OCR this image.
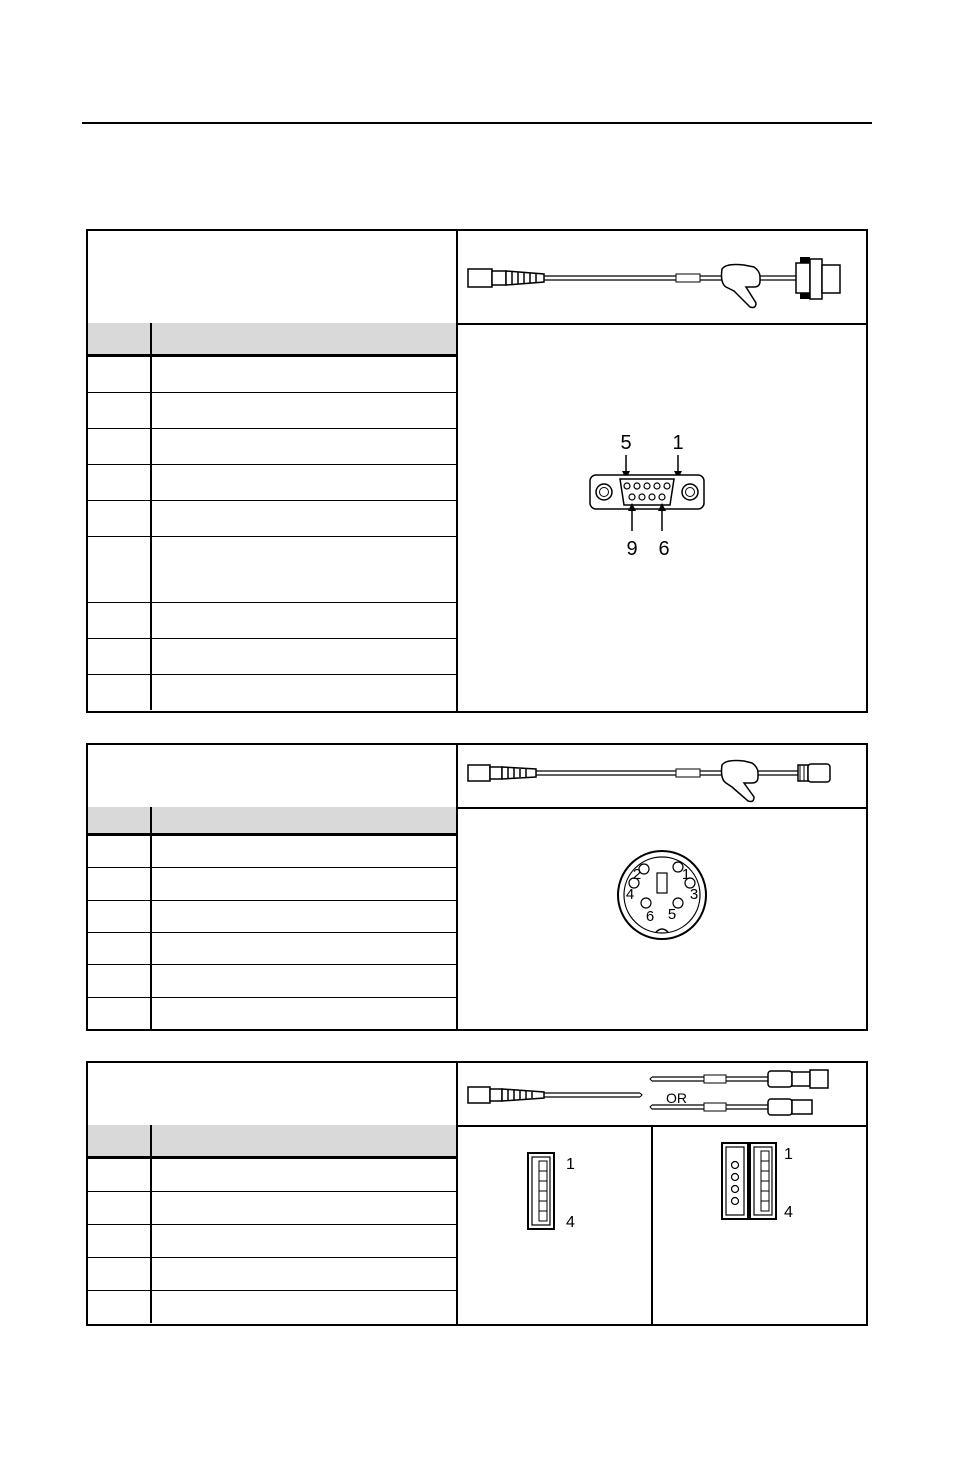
5 1
9 6
2	1
4	3
6 5
OR
1
4
1
4
